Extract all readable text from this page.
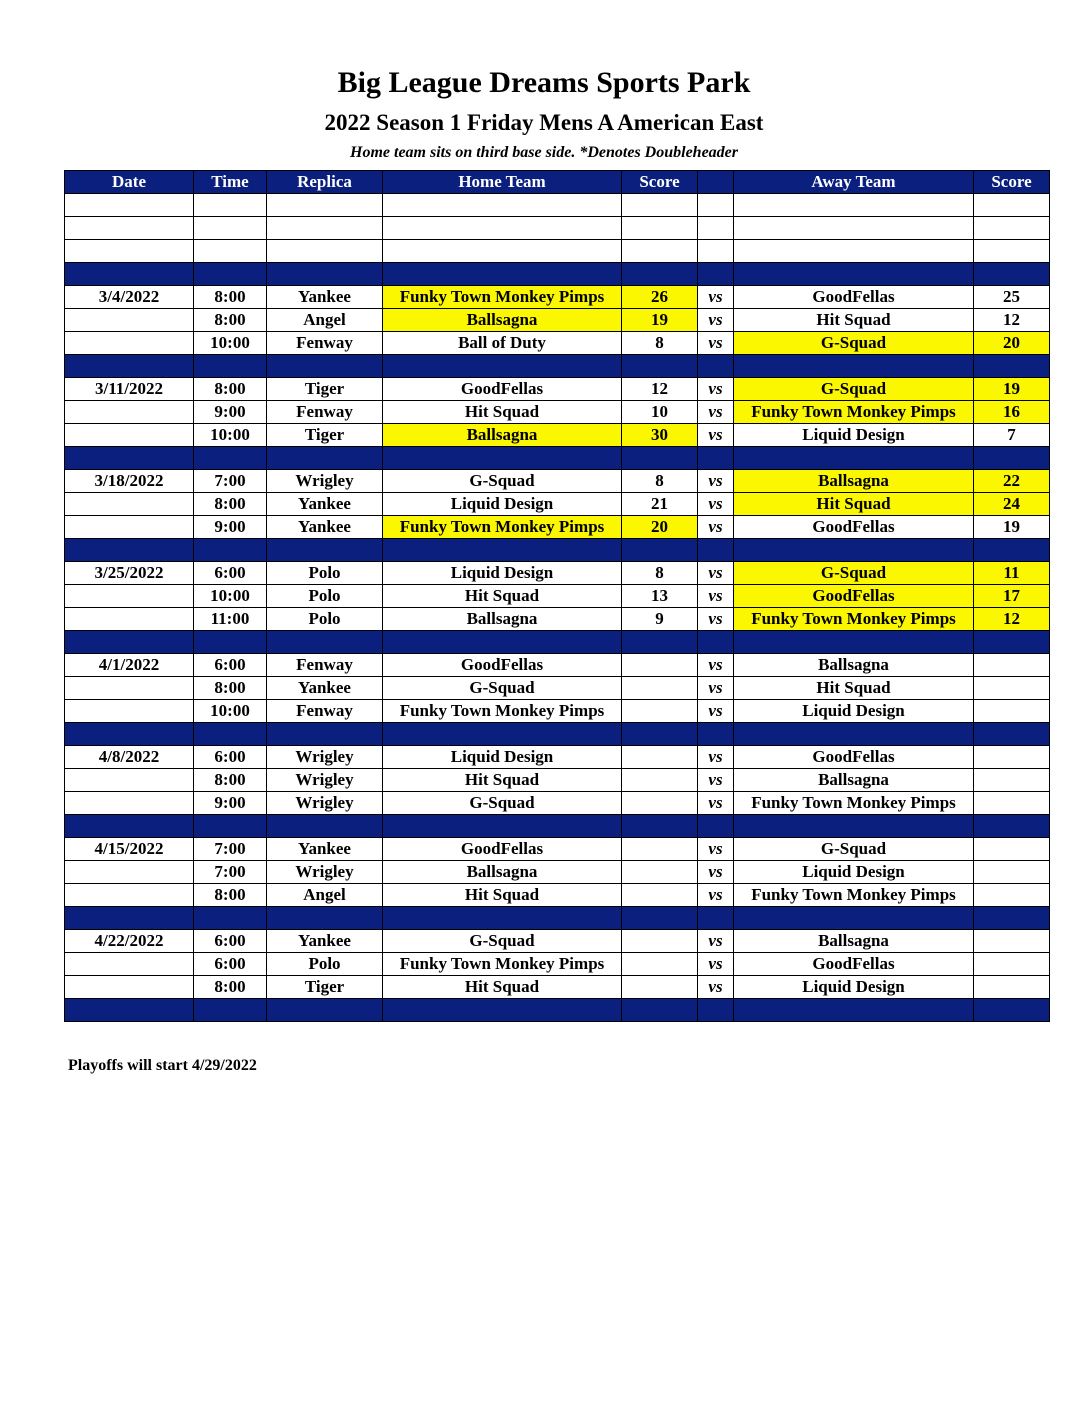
Big League Dreams Sports Park
2022 Season 1 Friday Mens A American East
Home team sits on third base side. *Denotes Doubleheader
Date	Time	Replica	Home Team	Score		Away Team	Score

3/4/2022	8:00	Yankee	Funky Town Monkey Pimps	26	vs	GoodFellas	25
	8:00	Angel	Ballsagna	19	vs	Hit Squad	12
	10:00	Fenway	Ball of Duty	8	vs	G-Squad	20

3/11/2022	8:00	Tiger	GoodFellas	12	vs	G-Squad	19
	9:00	Fenway	Hit Squad	10	vs	Funky Town Monkey Pimps	16
	10:00	Tiger	Ballsagna	30	vs	Liquid Design	7

3/18/2022	7:00	Wrigley	G-Squad	8	vs	Ballsagna	22
	8:00	Yankee	Liquid Design	21	vs	Hit Squad	24
	9:00	Yankee	Funky Town Monkey Pimps	20	vs	GoodFellas	19

3/25/2022	6:00	Polo	Liquid Design	8	vs	G-Squad	11
	10:00	Polo	Hit Squad	13	vs	GoodFellas	17
	11:00	Polo	Ballsagna	9	vs	Funky Town Monkey Pimps	12

4/1/2022	6:00	Fenway	GoodFellas		vs	Ballsagna	
	8:00	Yankee	G-Squad		vs	Hit Squad	
	10:00	Fenway	Funky Town Monkey Pimps		vs	Liquid Design	

4/8/2022	6:00	Wrigley	Liquid Design		vs	GoodFellas	
	8:00	Wrigley	Hit Squad		vs	Ballsagna	
	9:00	Wrigley	G-Squad		vs	Funky Town Monkey Pimps	

4/15/2022	7:00	Yankee	GoodFellas		vs	G-Squad	
	7:00	Wrigley	Ballsagna		vs	Liquid Design	
	8:00	Angel	Hit Squad		vs	Funky Town Monkey Pimps	

4/22/2022	6:00	Yankee	G-Squad		vs	Ballsagna	
	6:00	Polo	Funky Town Monkey Pimps		vs	GoodFellas	
	8:00	Tiger	Hit Squad		vs	Liquid Design	

Playoffs will start 4/29/2022
